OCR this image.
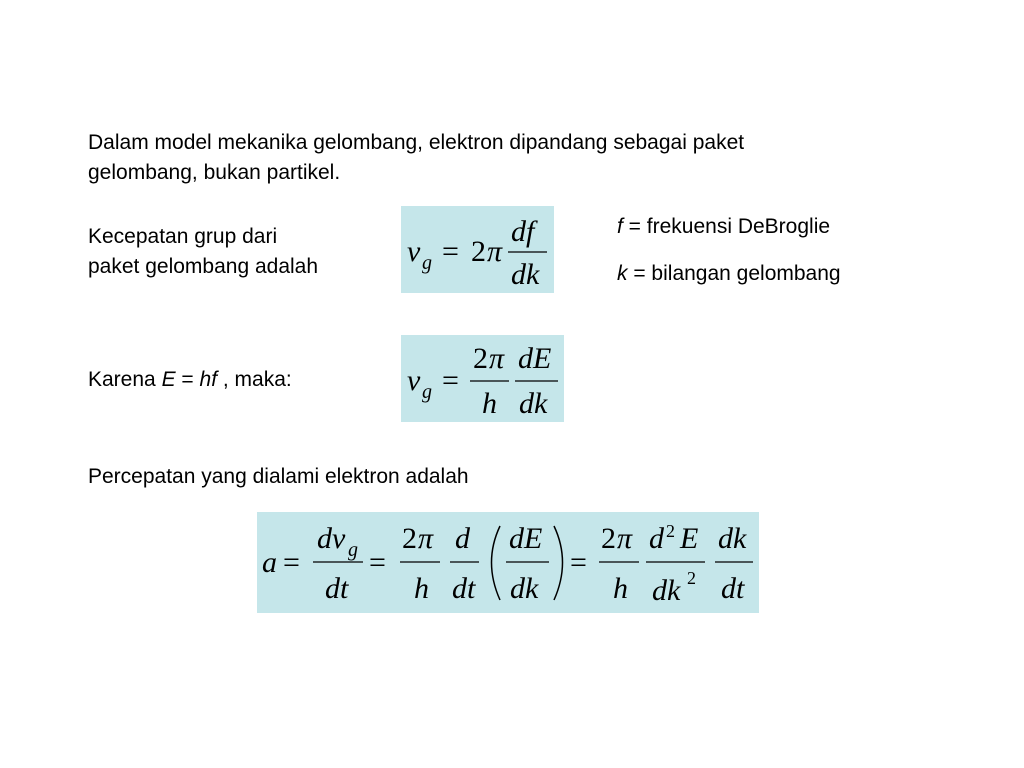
Dalam model mekanika gelombang, elektron dipandang sebagai paket
gelombang, bukan partikel.
Kecepatan grup dari
paket gelombang adalah	v g = 2 π
df
dk
f = frekuensi DeBroglie
k = bilangan gelombang
Karena E = hf , maka:	v g =
2 π
h
dE
dk
Percepatan yang dialami elektron adalah
a =
dv g
dt
=
2 π
h
d
dt
dE
dk
=
2 π
h
d 2 E
dk 2
dk
dt
